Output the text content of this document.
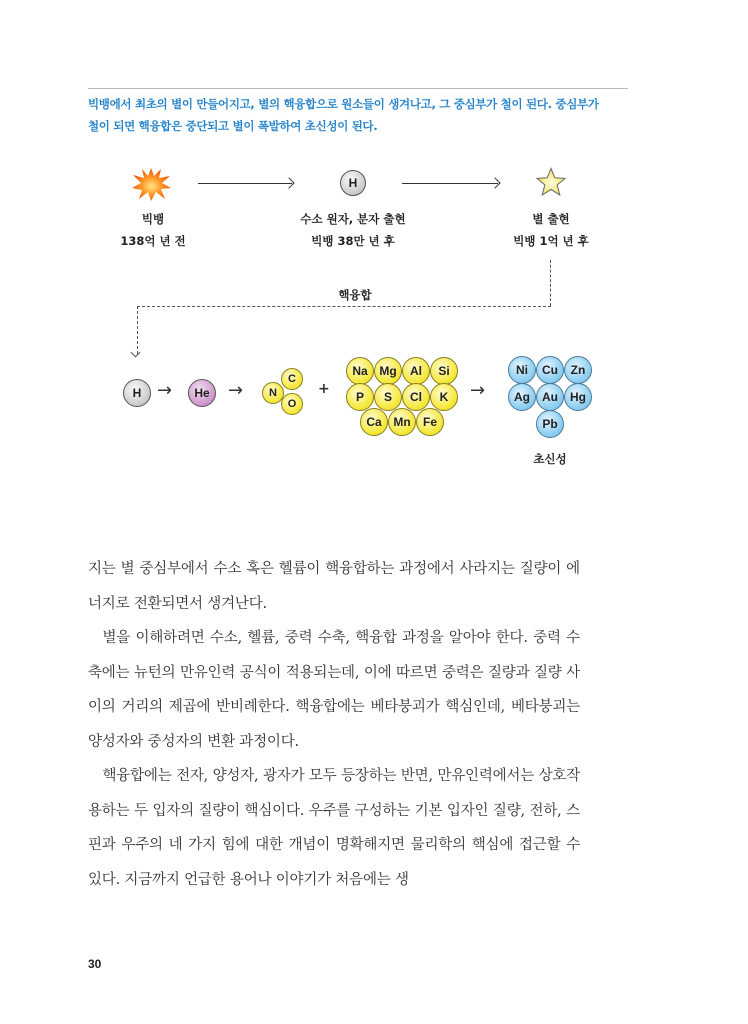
빅뱅에서 최초의 별이 만들어지고, 별의 핵융합으로 원소들이 생겨나고, 그 중심부가 철이 된다. 중심부가
철이 되면 핵융합은 중단되고 별이 폭발하여 초신성이 된다.
H
빅뱅
138억 년 전
수소 원자, 분자 출현
빅뱅 38만 년 후
별 출현
빅뱅 1억 년 후
핵융합
H →	He	→
C
N
O
+
Na Mg	Al	Si
P	S	Cl	K
Ca Mn	Fe
→
Ni	Cu	Zn
Ag	Au	Hg
Pb
초신성

지는 별 중심부에서 수소 혹은 헬륨이 핵융합하는 과정에서 사라지는 질량이 에너지로 전환되면서 생겨난다.

별을 이해하려면 수소, 헬륨, 중력 수축, 핵융합 과정을 알아야 한다. 중력 수축에는 뉴턴의 만유인력 공식이 적용되는데, 이에 따르면 중력은 질량과 질량 사이의 거리의 제곱에 반비례한다. 핵융합에는 베타붕괴가 핵심인데, 베타붕괴는 양성자와 중성자의 변환 과정이다.

핵융합에는 전자, 양성자, 광자가 모두 등장하는 반면, 만유인력에서는 상호작용하는 두 입자의 질량이 핵심이다. 우주를 구성하는 기본 입자인 질량, 전하, 스핀과 우주의 네 가지 힘에 대한 개념이 명확해지면 물리학의 핵심에 접근할 수 있다. 지금까지 언급한 용어나 이야기가 처음에는 생

30
